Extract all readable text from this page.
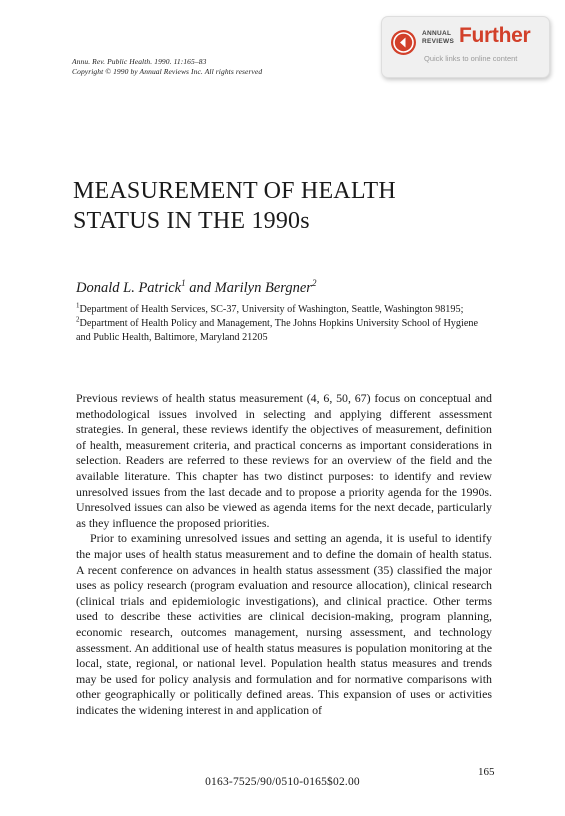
Annu. Rev. Public Health. 1990. 11:165–83
Copyright © 1990 by Annual Reviews Inc. All rights reserved
ANNUAL
REVIEWS Further
Quick links to online content
MEASUREMENT OF HEALTH
STATUS IN THE 1990s
Donald L. Patrick$^1$ and Marilyn Bergner$^2$
$^1$Department of Health Services, SC-37, University of Washington, Seattle, Washington 98195; $^2$Department of Health Policy and Management, The Johns Hopkins University School of Hygiene and Public Health, Baltimore, Maryland 21205

Previous reviews of health status measurement (4, 6, 50, 67) focus on conceptual and methodological issues involved in selecting and applying different assessment strategies. In general, these reviews identify the objectives of measurement, definition of health, measurement criteria, and practical concerns as important considerations in selection. Readers are referred to these reviews for an overview of the field and the available literature. This chapter has two distinct purposes: to identify and review unresolved issues from the last decade and to propose a priority agenda for the 1990s. Unresolved issues can also be viewed as agenda items for the next decade, particularly as they influence the proposed priorities.

Prior to examining unresolved issues and setting an agenda, it is useful to identify the major uses of health status measurement and to define the domain of health status. A recent conference on advances in health status assessment (35) classified the major uses as policy research (program evaluation and resource allocation), clinical research (clinical trials and epidemiologic investigations), and clinical practice. Other terms used to describe these activities are clinical decision-making, program planning, economic research, outcomes management, nursing assessment, and technology assessment. An additional use of health status measures is population monitoring at the local, state, regional, or national level. Population health status measures and trends may be used for policy analysis and formulation and for normative comparisons with other geographically or politically defined areas. This expansion of uses or activities indicates the widening interest in and application of

165
0163-7525/90/0510-0165$02.00
